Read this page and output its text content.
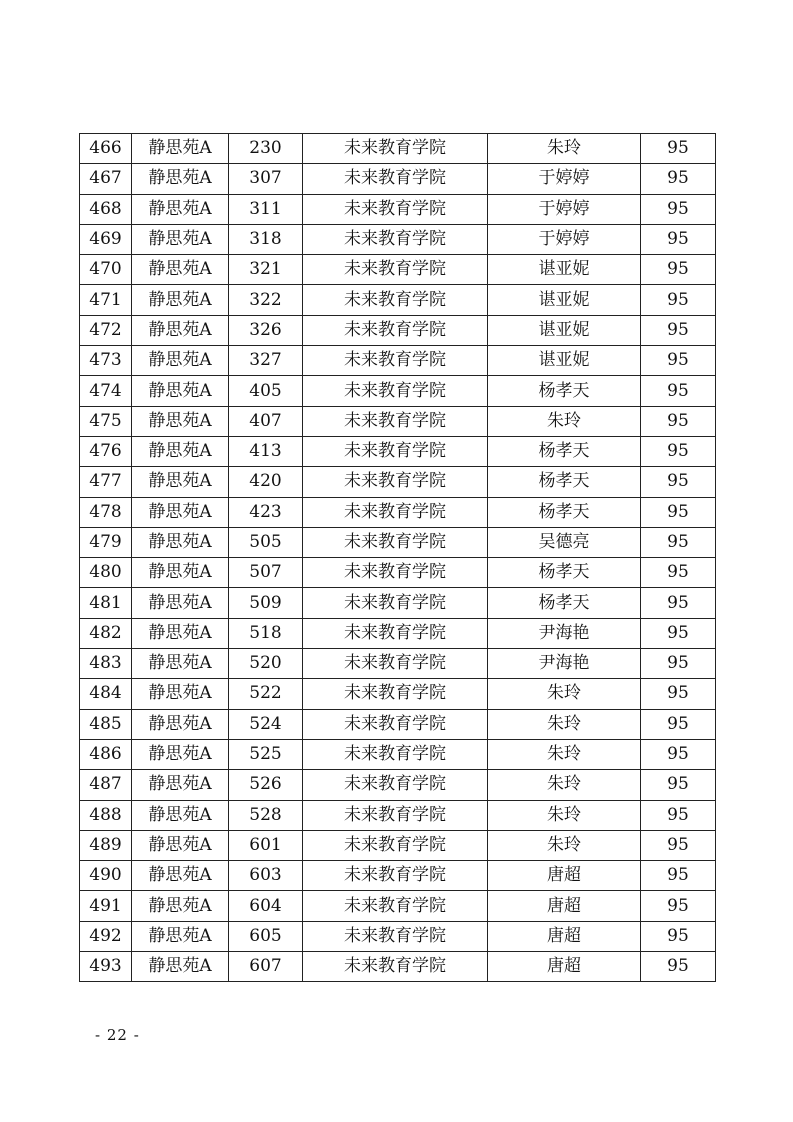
466	静思苑A	230	未来教育学院	朱玲	95
467	静思苑A	307	未来教育学院	于婷婷	95
468	静思苑A	311	未来教育学院	于婷婷	95
469	静思苑A	318	未来教育学院	于婷婷	95
470	静思苑A	321	未来教育学院	谌亚妮	95
471	静思苑A	322	未来教育学院	谌亚妮	95
472	静思苑A	326	未来教育学院	谌亚妮	95
473	静思苑A	327	未来教育学院	谌亚妮	95
474	静思苑A	405	未来教育学院	杨孝天	95
475	静思苑A	407	未来教育学院	朱玲	95
476	静思苑A	413	未来教育学院	杨孝天	95
477	静思苑A	420	未来教育学院	杨孝天	95
478	静思苑A	423	未来教育学院	杨孝天	95
479	静思苑A	505	未来教育学院	吴德亮	95
480	静思苑A	507	未来教育学院	杨孝天	95
481	静思苑A	509	未来教育学院	杨孝天	95
482	静思苑A	518	未来教育学院	尹海艳	95
483	静思苑A	520	未来教育学院	尹海艳	95
484	静思苑A	522	未来教育学院	朱玲	95
485	静思苑A	524	未来教育学院	朱玲	95
486	静思苑A	525	未来教育学院	朱玲	95
487	静思苑A	526	未来教育学院	朱玲	95
488	静思苑A	528	未来教育学院	朱玲	95
489	静思苑A	601	未来教育学院	朱玲	95
490	静思苑A	603	未来教育学院	唐超	95
491	静思苑A	604	未来教育学院	唐超	95
492	静思苑A	605	未来教育学院	唐超	95
493	静思苑A	607	未来教育学院	唐超	95
- 22 -
